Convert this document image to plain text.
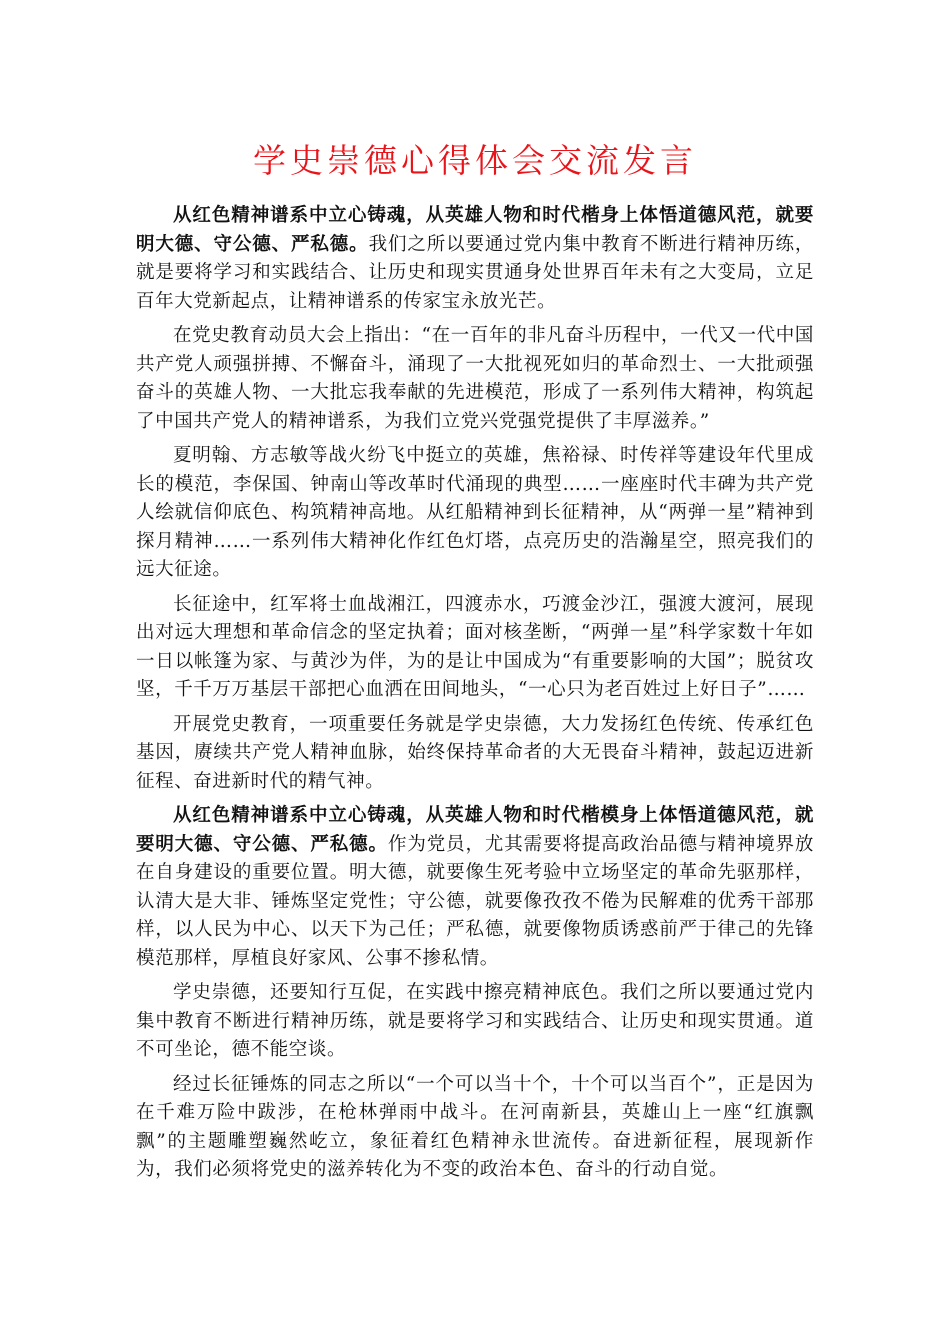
学史崇德心得体会交流发言

从红色精神谱系中立心铸魂，从英雄人物和时代楷身上体悟道德风范，就要明大德、守公德、严私德。我们之所以要通过党内集中教育不断进行精神历练，就是要将学习和实践结合、让历史和现实贯通身处世界百年未有之大变局，立足百年大党新起点，让精神谱系的传家宝永放光芒。

在党史教育动员大会上指出：“在一百年的非凡奋斗历程中，一代又一代中国共产党人顽强拼搏、不懈奋斗，涌现了一大批视死如归的革命烈士、一大批顽强奋斗的英雄人物、一大批忘我奉献的先进模范，形成了一系列伟大精神，构筑起了中国共产党人的精神谱系，为我们立党兴党强党提供了丰厚滋养。”

夏明翰、方志敏等战火纷飞中挺立的英雄，焦裕禄、时传祥等建设年代里成长的模范，李保国、钟南山等改革时代涌现的典型……一座座时代丰碑为共产党人绘就信仰底色、构筑精神高地。从红船精神到长征精神，从“两弹一星”精神到探月精神……一系列伟大精神化作红色灯塔，点亮历史的浩瀚星空，照亮我们的远大征途。

长征途中，红军将士血战湘江，四渡赤水，巧渡金沙江，强渡大渡河，展现出对远大理想和革命信念的坚定执着；面对核垄断，“两弹一星”科学家数十年如一日以帐篷为家、与黄沙为伴，为的是让中国成为“有重要影响的大国”；脱贫攻坚，千千万万基层干部把心血洒在田间地头，“一心只为老百姓过上好日子”……

开展党史教育，一项重要任务就是学史崇德，大力发扬红色传统、传承红色基因，赓续共产党人精神血脉，始终保持革命者的大无畏奋斗精神，鼓起迈进新征程、奋进新时代的精气神。

从红色精神谱系中立心铸魂，从英雄人物和时代楷模身上体悟道德风范，就要明大德、守公德、严私德。作为党员，尤其需要将提高政治品德与精神境界放在自身建设的重要位置。明大德，就要像生死考验中立场坚定的革命先驱那样，认清大是大非、锤炼坚定党性；守公德，就要像孜孜不倦为民解难的优秀干部那样，以人民为中心、以天下为己任；严私德，就要像物质诱惑前严于律己的先锋模范那样，厚植良好家风、公事不掺私情。

学史崇德，还要知行互促，在实践中擦亮精神底色。我们之所以要通过党内集中教育不断进行精神历练，就是要将学习和实践结合、让历史和现实贯通。道不可坐论，德不能空谈。

经过长征锤炼的同志之所以“一个可以当十个，十个可以当百个”，正是因为在千难万险中跋涉，在枪林弹雨中战斗。在河南新县，英雄山上一座“红旗飘飘”的主题雕塑巍然屹立，象征着红色精神永世流传。奋进新征程，展现新作为，我们必须将党史的滋养转化为不变的政治本色、奋斗的行动自觉。
